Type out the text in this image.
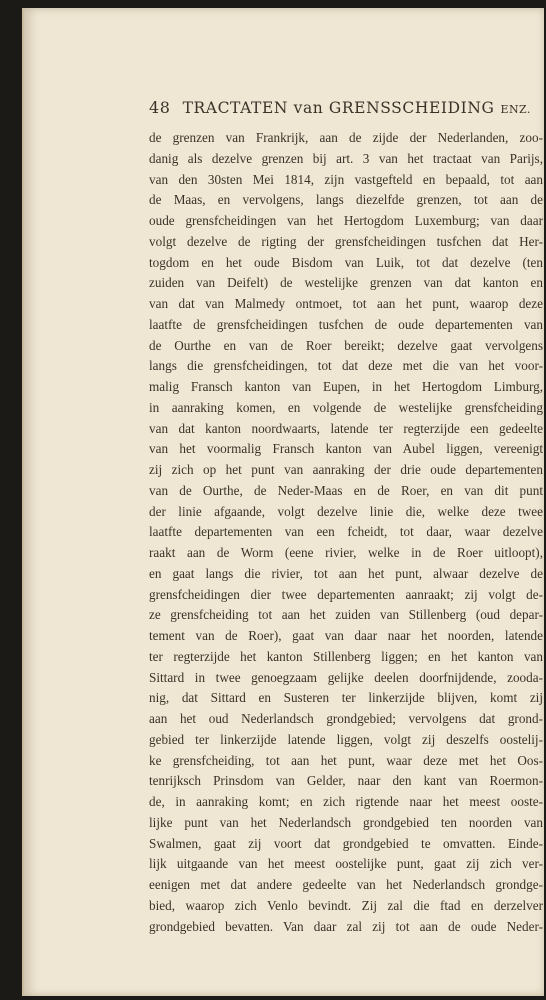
48 TRACTATEN van GRENSSCHEIDING ENZ.
de grenzen van Frankrijk, aan de zijde der Nederlanden, zoo-
danig als dezelve grenzen bij art. 3 van het tractaat van Parijs,
van den 30sten Mei 1814, zijn vastgefteld en bepaald, tot aan
de Maas, en vervolgens, langs diezelfde grenzen, tot aan de
oude grensfcheidingen van het Hertogdom Luxemburg; van daar
volgt dezelve de rigting der grensfcheidingen tusfchen dat Her-
togdom en het oude Bisdom van Luik, tot dat dezelve (ten
zuiden van Deifelt) de westelijke grenzen van dat kanton en
van dat van Malmedy ontmoet, tot aan het punt, waarop deze
laatfte de grensfcheidingen tusfchen de oude departementen van
de Ourthe en van de Roer bereikt; dezelve gaat vervolgens
langs die grensfcheidingen, tot dat deze met die van het voor-
malig Fransch kanton van Eupen, in het Hertogdom Limburg,
in aanraking komen, en volgende de westelijke grensfcheiding
van dat kanton noordwaarts, latende ter regterzijde een gedeelte
van het voormalig Fransch kanton van Aubel liggen, vereenigt
zij zich op het punt van aanraking der drie oude departementen
van de Ourthe, de Neder-Maas en de Roer, en van dit punt
der linie afgaande, volgt dezelve linie die, welke deze twee
laatfte departementen van een fcheidt, tot daar, waar dezelve
raakt aan de Worm (eene rivier, welke in de Roer uitloopt),
en gaat langs die rivier, tot aan het punt, alwaar dezelve de
grensfcheidingen dier twee departementen aanraakt; zij volgt de-
ze grensfcheiding tot aan het zuiden van Stillenberg (oud depar-
tement van de Roer), gaat van daar naar het noorden, latende
ter regterzijde het kanton Stillenberg liggen; en het kanton van
Sittard in twee genoegzaam gelijke deelen doorfnijdende, zooda-
nig, dat Sittard en Susteren ter linkerzijde blijven, komt zij
aan het oud Nederlandsch grondgebied; vervolgens dat grond-
gebied ter linkerzijde latende liggen, volgt zij deszelfs oostelij-
ke grensfcheiding, tot aan het punt, waar deze met het Oos-
tenrijksch Prinsdom van Gelder, naar den kant van Roermon-
de, in aanraking komt; en zich rigtende naar het meest ooste-
lijke punt van het Nederlandsch grondgebied ten noorden van
Swalmen, gaat zij voort dat grondgebied te omvatten. Einde-
lijk uitgaande van het meest oostelijke punt, gaat zij zich ver-
eenigen met dat andere gedeelte van het Nederlandsch grondge-
bied, waarop zich Venlo bevindt. Zij zal die ftad en derzelver
grondgebied bevatten. Van daar zal zij tot aan de oude Neder-
